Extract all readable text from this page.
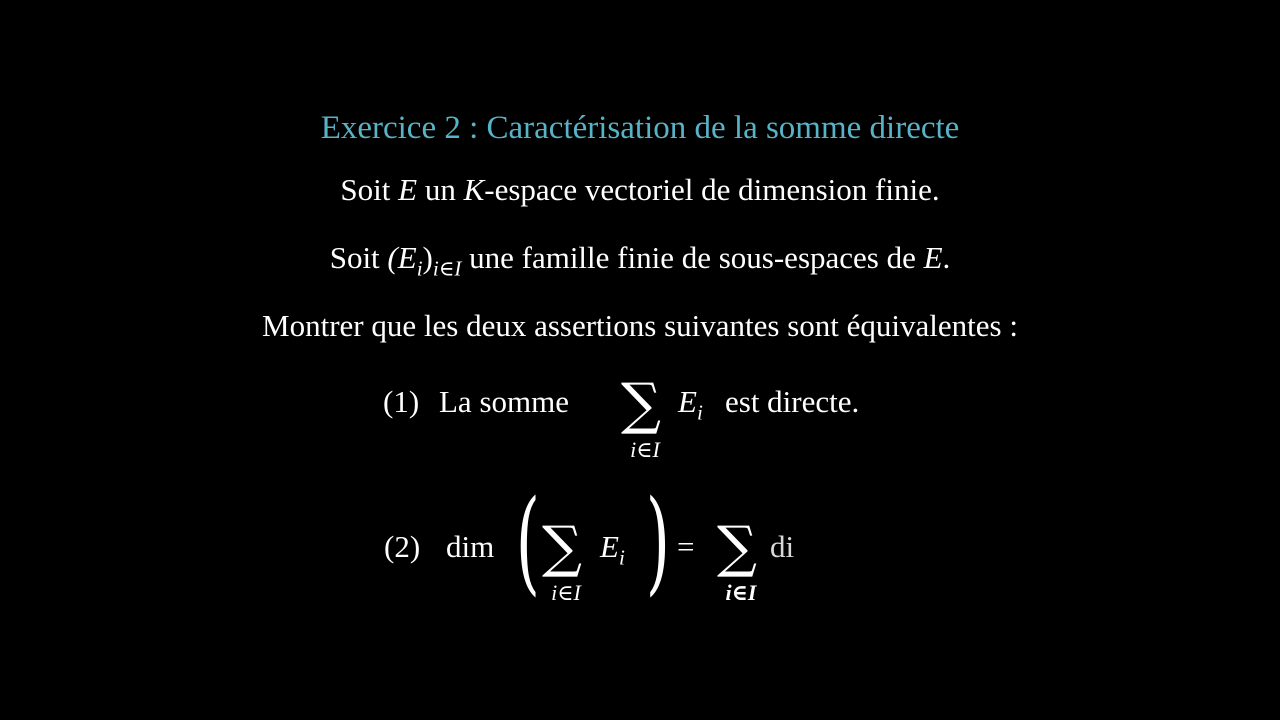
Exercice 2 : Caractérisation de la somme directe
Soit E un K-espace vectoriel de dimension finie.
Soit $(E_i)_{i\in I}$ une famille finie de sous-espaces de E.
Montrer que les deux assertions suivantes sont équivalentes :
(1) La somme ∑
i∈I
$E_i$ est directe.
(2) dim ( ∑
i∈I
$E_i$ ) = ∑
i∈I
di
